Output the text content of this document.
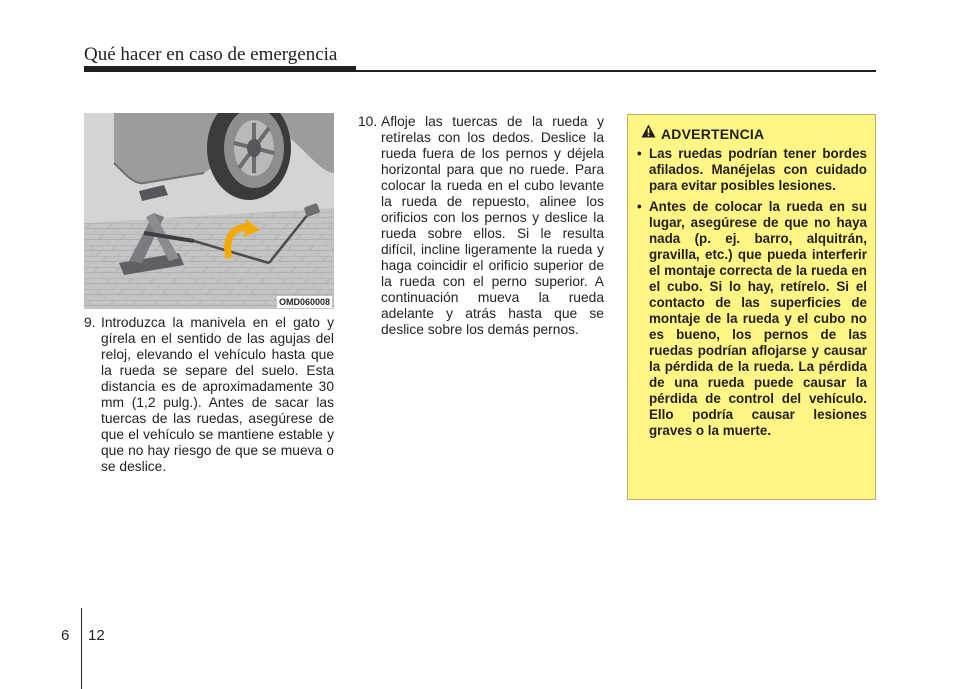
Qué hacer en caso de emergencia
OMD060008
9. Introduzca la manivela en el gato y gírela en el sentido de las agujas del reloj, elevando el vehículo hasta que la rueda se separe del suelo. Esta distancia es de aproximadamente 30 mm (1,2 pulg.). Antes de sacar las tuercas de las ruedas, asegúrese de que el vehículo se mantiene estable y que no hay riesgo de que se mueva o se deslice.
10. Afloje las tuercas de la rueda y retírelas con los dedos. Deslice la rueda fuera de los pernos y déjela horizontal para que no ruede. Para colocar la rueda en el cubo levante la rueda de repuesto, alinee los orificios con los pernos y deslice la rueda sobre ellos. Si le resulta difícil, incline ligeramente la rueda y haga coincidir el orificio superior de la rueda con el perno superior. A continuación mueva la rueda adelante y atrás hasta que se deslice sobre los demás pernos.
ADVERTENCIA
• Las ruedas podrían tener bordes afilados. Manéjelas con cuidado para evitar posibles lesiones.
• Antes de colocar la rueda en su lugar, asegúrese de que no haya nada (p. ej. barro, alquitrán, gravilla, etc.) que pueda interferir el montaje correcta de la rueda en el cubo. Si lo hay, retírelo. Si el contacto de las superficies de montaje de la rueda y el cubo no es bueno, los pernos de las ruedas podrían aflojarse y causar la pérdida de la rueda. La pérdida de una rueda puede causar la pérdida de control del vehículo. Ello podría causar lesiones graves o la muerte.
6 12
